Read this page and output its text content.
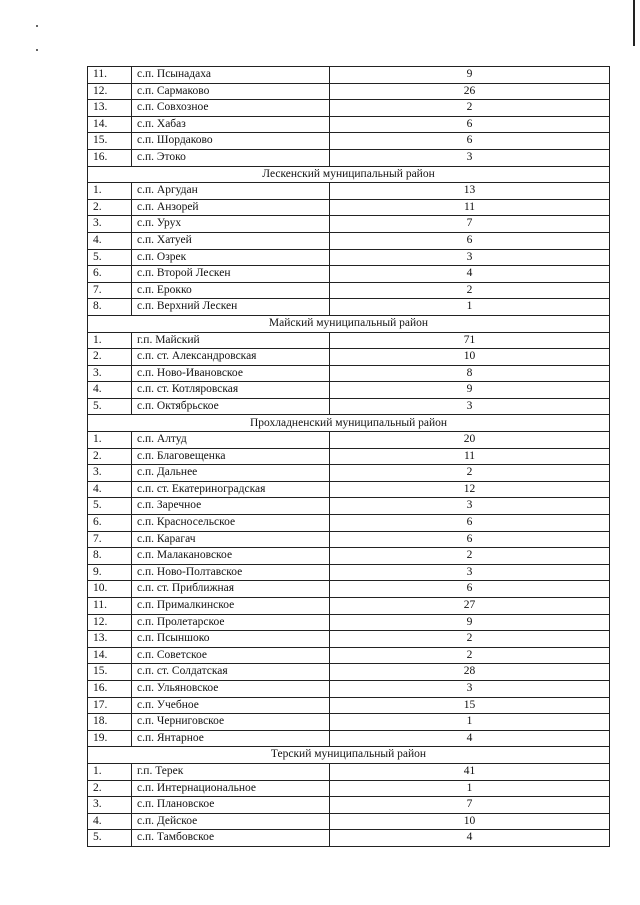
11.	с.п. Псынадаха	9
12.	с.п. Сармаково	26
13.	с.п. Совхозное	2
14.	с.п. Хабаз	6
15.	с.п. Шордаково	6
16.	с.п. Этоко	3
Лескенский муниципальный район		
1.	с.п. Аргудан	13
2.	с.п. Анзорей	11
3.	с.п. Урух	7
4.	с.п. Хатуей	6
5.	с.п. Озрек	3
6.	с.п. Второй Лескен	4
7.	с.п. Ерокко	2
8.	с.п. Верхний Лескен	1
Майский муниципальный район		
1.	г.п. Майский	71
2.	с.п. ст. Александровская	10
3.	с.п. Ново-Ивановское	8
4.	с.п. ст. Котляровская	9
5.	с.п. Октябрьское	3
Прохладненский муниципальный район		
1.	с.п. Алтуд	20
2.	с.п. Благовещенка	11
3.	с.п. Дальнее	2
4.	с.п. ст. Екатериноградская	12
5.	с.п. Заречное	3
6.	с.п. Красносельское	6
7.	с.п. Карагач	6
8.	с.п. Малакановское	2
9.	с.п. Ново-Полтавское	3
10.	с.п. ст. Приближная	6
11.	с.п. Прималкинское	27
12.	с.п. Пролетарское	9
13.	с.п. Псыншоко	2
14.	с.п. Советское	2
15.	с.п. ст. Солдатская	28
16.	с.п. Ульяновское	3
17.	с.п. Учебное	15
18.	с.п. Черниговское	1
19.	с.п. Янтарное	4
Терский муниципальный район		
1.	г.п. Терек	41
2.	с.п. Интернациональное	1
3.	с.п. Плановское	7
4.	с.п. Дейское	10
5.	с.п. Тамбовское	4
